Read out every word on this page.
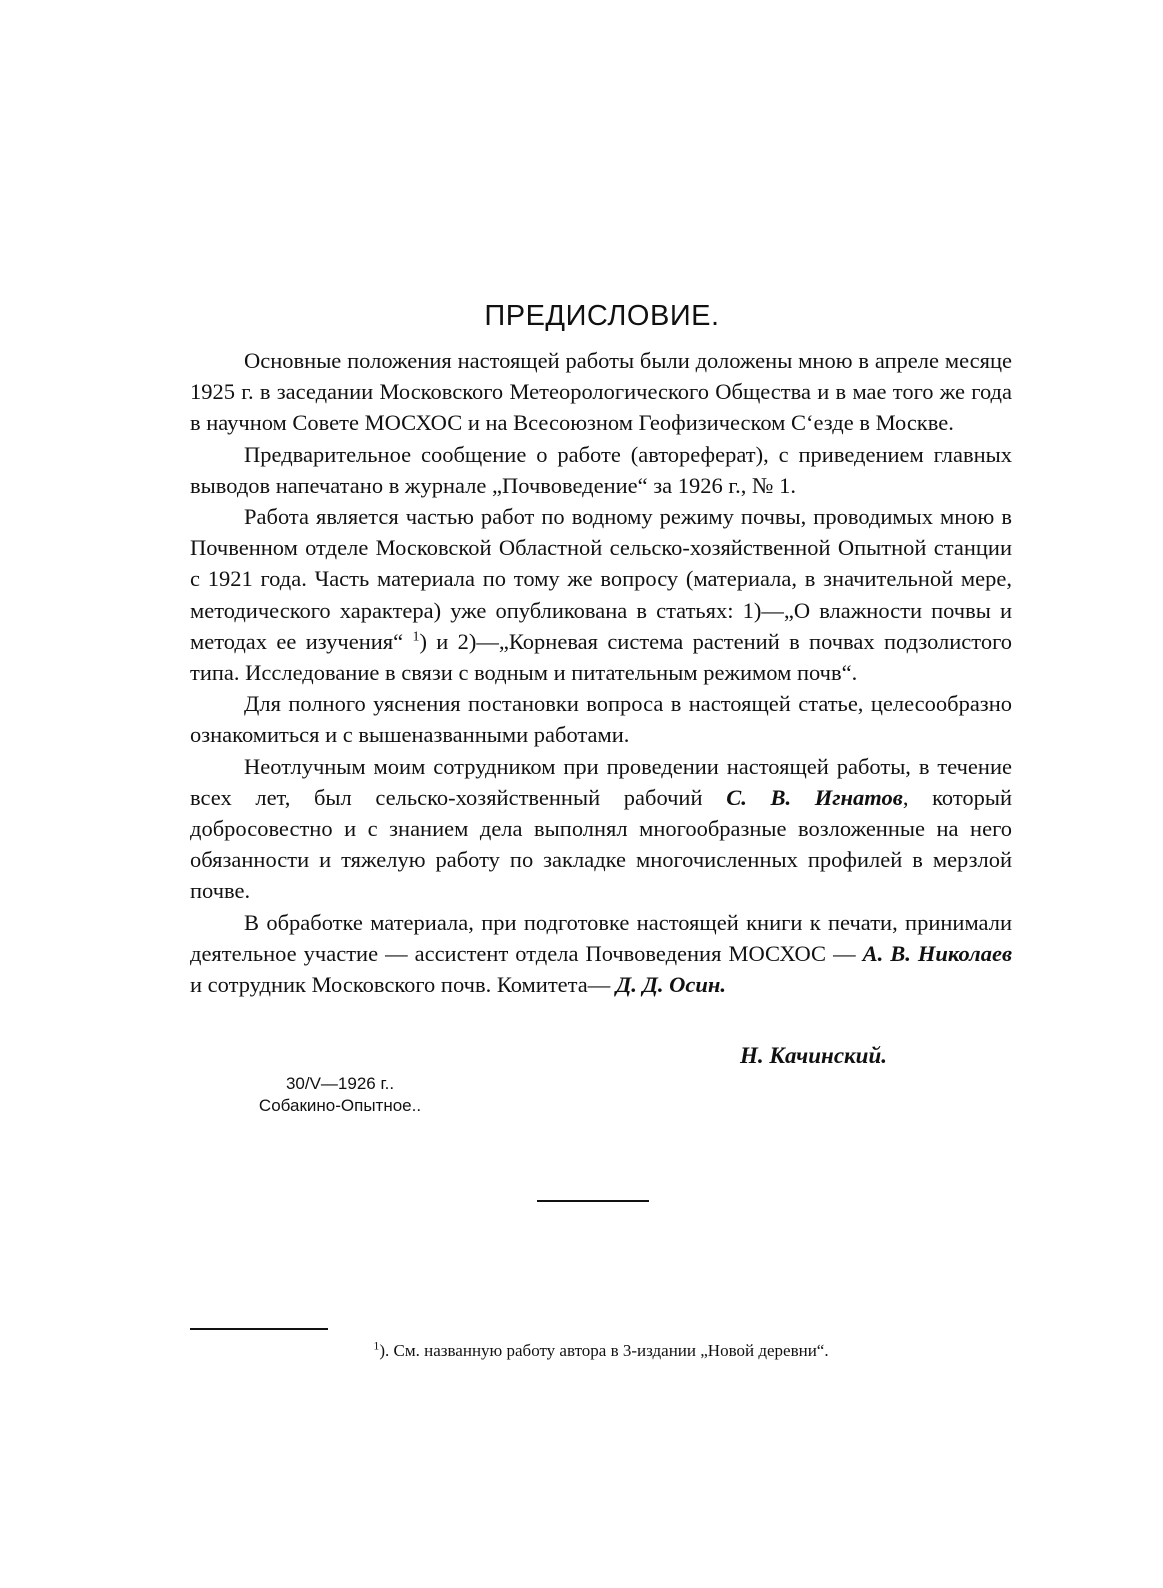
ПРЕДИСЛОВИЕ.

Основные положения настоящей работы были доложены мною в апреле месяце 1925 г. в заседании Московского Метеорологического Общества и в мае того же года в научном Совете МОСХОС и на Всесоюзном Геофизическом С‘езде в Москве.

Предварительное сообщение о работе (автореферат), с приведением главных выводов напечатано в журнале „Почвоведение“ за 1926 г., № 1.

Работа является частью работ по водному режиму почвы, проводимых мною в Почвенном отделе Московской Областной сельско-хозяйственной Опытной станции с 1921 года. Часть материала по тому же вопросу (материала, в значительной мере, методического характера) уже опубликована в статьях: 1)—„О влажности почвы и методах ее изучения“ $^1$) и 2)—„Корневая система растений в почвах подзолистого типа. Исследование в связи с водным и питательным режимом почв“.

Для полного уяснения постановки вопроса в настоящей статье, целесообразно ознакомиться и с вышеназванными работами.

Неотлучным моим сотрудником при проведении настоящей работы, в течение всех лет, был сельско-хозяйственный рабочий С. В. Игнатов, который добросовестно и с знанием дела выполнял многообразные возложенные на него обязанности и тяжелую работу по закладке многочисленных профилей в мерзлой почве.

В обработке материала, при подготовке настоящей книги к печати, принимали деятельное участие — ассистент отдела Почвоведения МОСХОС — А. В. Николаев и сотрудник Московского почв. Комитета— Д. Д. Осин.

Н. Качинский.

30/V—1926 г..
Собакино-Опытное..

$^1$). См. названную работу автора в 3-издании „Новой деревни“.
